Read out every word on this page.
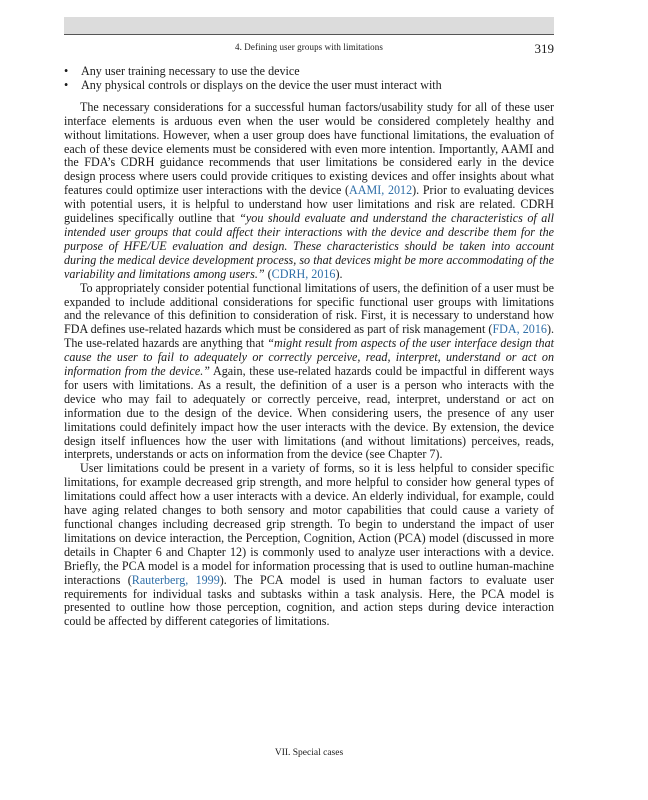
4. Defining user groups with limitations	319
• Any user training necessary to use the device
• Any physical controls or displays on the device the user must interact with

The necessary considerations for a successful human factors/usability study for all of these user interface elements is arduous even when the user would be considered completely healthy and without limitations. However, when a user group does have functional limitations, the evaluation of each of these device elements must be considered with even more intention. Importantly, AAMI and the FDA’s CDRH guidance recommends that user limitations be considered early in the device design process where users could provide critiques to existing devices and offer insights about what features could optimize user interactions with the device (AAMI, 2012). Prior to evaluating devices with potential users, it is helpful to understand how user limitations and risk are related. CDRH guidelines specifically outline that “you should evaluate and understand the characteristics of all intended user groups that could affect their interactions with the device and describe them for the purpose of HFE/UE evaluation and design. These characteristics should be taken into account during the medical device development process, so that devices might be more accommodating of the variability and limitations among users.” (CDRH, 2016).

To appropriately consider potential functional limitations of users, the definition of a user must be expanded to include additional considerations for specific functional user groups with limitations and the relevance of this definition to consideration of risk. First, it is necessary to understand how FDA defines use-related hazards which must be considered as part of risk management (FDA, 2016). The use-related hazards are anything that “might result from aspects of the user interface design that cause the user to fail to adequately or correctly perceive, read, interpret, understand or act on information from the device.” Again, these use-related hazards could be impactful in different ways for users with limitations. As a result, the definition of a user is a person who interacts with the device who may fail to adequately or correctly perceive, read, interpret, understand or act on information due to the design of the device. When considering users, the presence of any user limitations could definitely impact how the user interacts with the device. By extension, the device design itself influences how the user with limitations (and without limitations) perceives, reads, interprets, understands or acts on information from the device (see Chapter 7).

User limitations could be present in a variety of forms, so it is less helpful to consider specific limitations, for example decreased grip strength, and more helpful to consider how general types of limitations could affect how a user interacts with a device. An elderly individual, for example, could have aging related changes to both sensory and motor capabilities that could cause a variety of functional changes including decreased grip strength. To begin to understand the impact of user limitations on device interaction, the Perception, Cognition, Action (PCA) model (discussed in more details in Chapter 6 and Chapter 12) is commonly used to analyze user interactions with a device. Briefly, the PCA model is a model for information processing that is used to outline human-machine interactions (Rauterberg, 1999). The PCA model is used in human factors to evaluate user requirements for individual tasks and subtasks within a task analysis. Here, the PCA model is presented to outline how those perception, cognition, and action steps during device interaction could be affected by different categories of limitations.

VII. Special cases
